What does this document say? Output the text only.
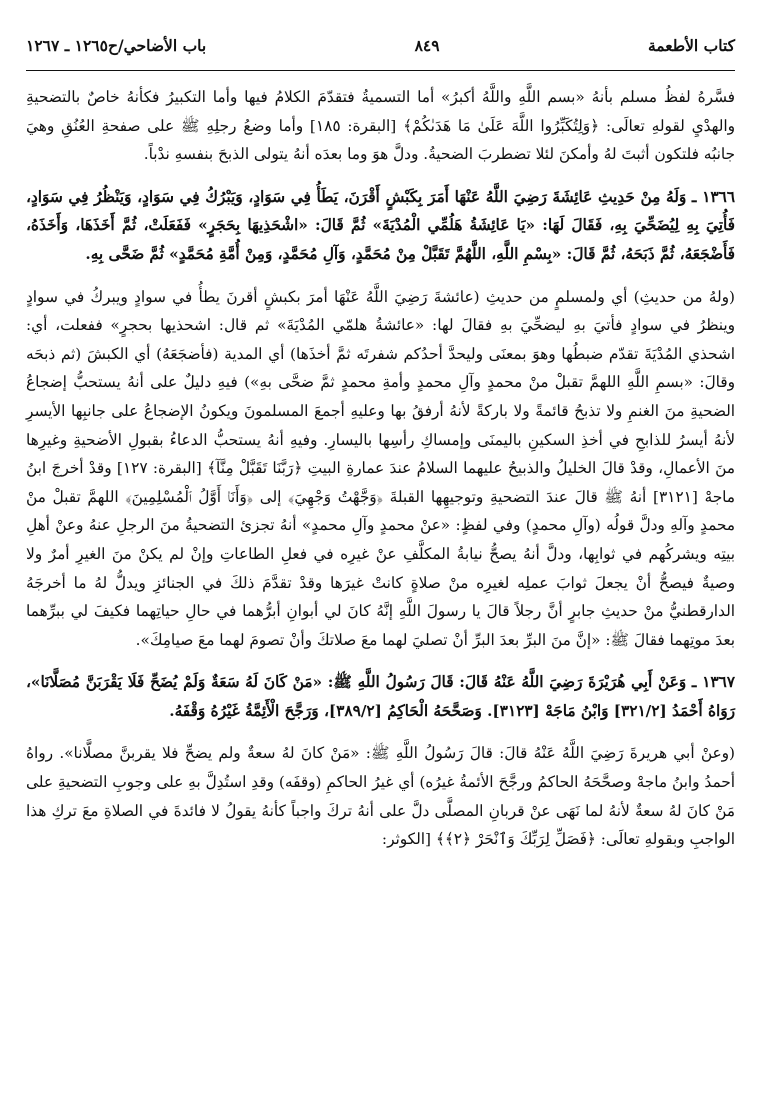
كتاب الأطعمة
٨٤٩
باب الأضاحي/ح١٢٦٥ ـ ١٢٦٧

فسَّرهُ لفظُ مسلم بأنهُ «بسم اللَّهِ واللَّهُ أكبرُ» أما التسميةُ فتقدّمَ الكلامُ فيها وأما التكبيرُ فكأنهُ خاصٌ بالتضحيةِ والهدْيِ لقولهِ تعالَى: ﴿وَلِتُكَبِّرُوا اللَّهَ عَلَىٰ مَا هَدَىٰكُمْ﴾ [البقرة: ١٨٥] وأما وضعُ رجلِهِ ﷺ على صفحةِ العُنُقِ وهيَ جانبُه فلتكون أثبتَ لهُ وأمكنَ لئلا تضطربَ الضحيةُ. ودلَّ هوَ وما بعدَه أنهُ يتولى الذبحَ بنفسهِ ندْباً.

١٣٦٦ ـ وَلَهُ مِنْ حَدِيثِ عَائِشَةَ رَضِيَ اللَّهُ عَنْهَا أَمَرَ بِكَبْشٍ أَقْرَنَ، يَطَأُ فِي سَوَادٍ، وَيَبْرُكُ فِي سَوَادٍ، وَيَنْظُرُ فِي سَوَادٍ، فَأُتِيَ بِهِ لِيُضَحِّيَ بِهِ، فَقَالَ لَهَا: «يَا عَائِشَةُ هَلُمِّي الْمُدْيَةَ» ثُمَّ قَالَ: «اشْحَذِيهَا بِحَجَرٍ» فَفَعَلَتْ، ثُمَّ أَخَذَهَا، وَأَخَذَهُ، فَأَضْجَعَهُ، ثُمَّ ذَبَحَهُ، ثُمَّ قَالَ: «بِسْمِ اللَّهِ، اللَّهُمَّ تَقَبَّلْ مِنْ مُحَمَّدٍ، وَآلِ مُحَمَّدٍ، وَمِنْ أُمَّةِ مُحَمَّدٍ» ثُمَّ ضَحَّى بِهِ.

(ولهُ من حديثِ) أي ولمسلمٍ من حديثِ (عائشةَ رَضِيَ اللَّهُ عَنْهَا أمرَ بكبشٍ أقرنَ يطأُ في سوادٍ ويبركُ في سوادٍ وينظرُ في سوادٍ فأتيَ بهِ ليضحِّيَ بهِ فقالَ لها: «عائشةُ هلمّي المُدْيَةَ» ثم قال: اشحذيها بحجرٍ» ففعلت، أي: اشحذي المُدْيَةَ تقدّم ضبطُها وهوَ بمعنَى وليحدَّ أحدُكم شفرتَه ثمَّ أخذَها) أي المدية (فأضجَعَهُ) أي الكبشَ (ثم ذبحَه وقالَ: «بسمِ اللَّهِ اللهمَّ تقبلْ منْ محمدٍ وآلِ محمدٍ وأمةِ محمدٍ ثمَّ ضحَّى بهِ») فيهِ دليلٌ على أنهُ يستحبُّ إضجاعُ الضحيةِ منَ الغنمِ ولا تذبحُ قائمةً ولا باركةً لأنهُ أرفقُ بها وعليهِ أجمعَ المسلمونَ ويكونُ الإضجاعُ على جانبِها الأيسرِ لأنهُ أيسرُ للذابحِ في أخذِ السكينِ باليمنَى وإمساكِ رأسِها باليسارِ. وفيهِ أنهُ يستحبُّ الدعاءُ بقبولِ الأضحيةِ وغيرِها منَ الأعمالِ، وقدْ قالَ الخليلُ والذبيحُ عليهما السلامُ عندَ عمارةِ البيتِ ﴿رَبَّنَا تَقَبَّلْ مِنَّآ﴾ [البقرة: ١٢٧] وقدْ أخرجَ ابنُ ماجهْ [٣١٢١] أنهُ ﷺ قالَ عندَ التضحيةِ وتوجيهِها القبلةَ ﴿وَجَّهْتُ وَجْهِيَ﴾ إلى ﴿وَأَنَا۠ أَوَّلُ ٱلْمُسْلِمِينَ﴾ اللهمَّ تقبلْ منْ محمدٍ وآلهِ ودلَّ قولُه (وآلِ محمدٍ) وفي لفظٍ: «عنْ محمدٍ وآلِ محمدٍ» أنهُ تجزئ التضحيةُ منَ الرجلِ عنهُ وعنْ أهلِ بيتِه ويشركُهم في ثوابِها، ودلَّ أنهُ يصحُّ نيابةُ المكلَّفِ عنْ غيرِه في فعلِ الطاعاتِ وإنْ لم يكنْ منَ الغيرِ أمرٌ ولا وصيةٌ فيصحُّ أنْ يجعلَ ثوابَ عملِه لغيرِه منْ صلاةٍ كانتْ غيرَها وقدْ تقدَّمَ ذلكَ في الجنائزِ ويدلُّ لهُ ما أخرجَهُ الدارقطنيُّ منْ حديثِ جابرٍ أنَّ رجلاً قالَ يا رسولَ اللَّهِ إنَّهُ كانَ لي أبوانِ أبرُّهما في حالِ حياتِهما فكيفَ لي ببرِّهما بعدَ موتِهما فقالَ ﷺ: «إنَّ منَ البرِّ بعدَ البرِّ أنْ تصليَ لهما معَ صلاتكَ وأنْ تصومَ لهما معَ صيامِكَ».

١٣٦٧ ـ وَعَنْ أَبِي هُرَيْرَةَ رَضِيَ اللَّهُ عَنْهُ قَالَ: قَالَ رَسُولُ اللَّهِ ﷺ: «مَنْ كَانَ لَهُ سَعَةٌ وَلَمْ يُضَحِّ فَلَا يَقْرَبَنَّ مُصَلَّانَا»، رَوَاهُ أَحْمَدُ [٣٢١/٢] وَابْنُ مَاجَهْ [٣١٢٣]. وَصَحَّحَهُ الْحَاكِمُ [٣٨٩/٢]، وَرَجَّحَ الْأَئِمَّةُ غَيْرُهُ وَقْفَهُ.

(وعنْ أبي هريرةَ رَضِيَ اللَّهُ عَنْهُ قالَ: قالَ رَسُولُ اللَّهِ ﷺ: «مَنْ كانَ لهُ سعةٌ ولم يضحِّ فلا يقربنَّ مصلَّانا». رواهُ أحمدُ وابنُ ماجهْ وصحَّحَهُ الحاكمُ ورجَّحَ الأئمةُ غيرُه) أي غيرُ الحاكمِ (وقفَه) وقدِ استُدِلَّ بهِ على وجوبِ التضحيةِ على مَنْ كانَ لهُ سعةٌ لأنهُ لما نَهَى عنْ قربانِ المصلَّى دلَّ على أنهُ تركَ واجباً كأنهُ يقولُ لا فائدةَ في الصلاةِ معَ تركِ هذا الواجبِ وبقولهِ تعالَى: ﴿فَصَلِّ لِرَبِّكَ وَٱنْحَرْ ﴿٢﴾﴾ [الكوثر:
